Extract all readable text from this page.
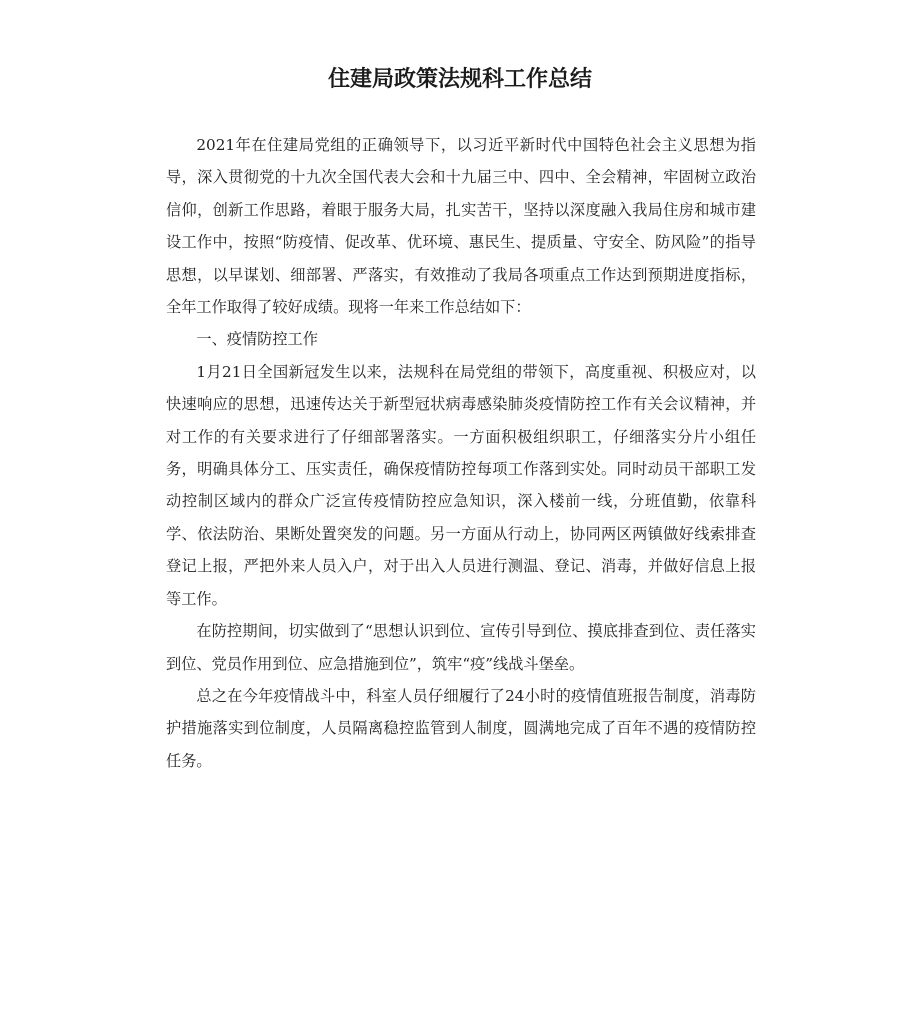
住建局政策法规科工作总结

2021年在住建局党组的正确领导下，以习近平新时代中国特色社会主义思想为指导，深入贯彻党的十九次全国代表大会和十九届三中、四中、全会精神，牢固树立政治信仰，创新工作思路，着眼于服务大局，扎实苦干，坚持以深度融入我局住房和城市建设工作中，按照“防疫情、促改革、优环境、惠民生、提质量、守安全、防风险”的指导思想，以早谋划、细部署、严落实，有效推动了我局各项重点工作达到预期进度指标，全年工作取得了较好成绩。现将一年来工作总结如下：

一、疫情防控工作

1月21日全国新冠发生以来，法规科在局党组的带领下，高度重视、积极应对，以快速响应的思想，迅速传达关于新型冠状病毒感染肺炎疫情防控工作有关会议精神，并对工作的有关要求进行了仔细部署落实。一方面积极组织职工，仔细落实分片小组任务，明确具体分工、压实责任，确保疫情防控每项工作落到实处。同时动员干部职工发动控制区域内的群众广泛宣传疫情防控应急知识，深入楼前一线，分班值勤，依靠科学、依法防治、果断处置突发的问题。另一方面从行动上，协同两区两镇做好线索排查登记上报，严把外来人员入户，对于出入人员进行测温、登记、消毒，并做好信息上报等工作。

在防控期间，切实做到了“思想认识到位、宣传引导到位、摸底排查到位、责任落实到位、党员作用到位、应急措施到位”，筑牢“疫”线战斗堡垒。

总之在今年疫情战斗中，科室人员仔细履行了24小时的疫情值班报告制度，消毒防护措施落实到位制度，人员隔离稳控监管到人制度，圆满地完成了百年不遇的疫情防控任务。
